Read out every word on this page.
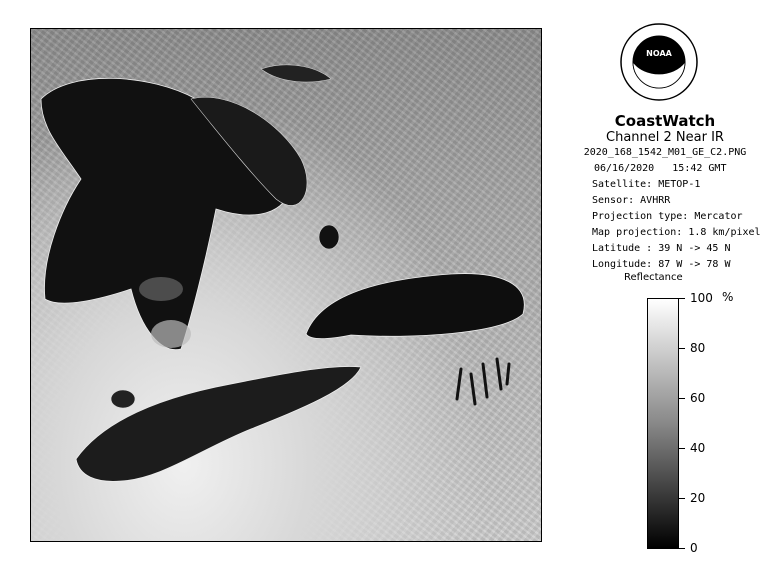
NOAA
CoastWatch
Channel 2 Near IR
2020_168_1542_M01_GE_C2.PNG
06/16/2020 15:42 GMT
Satellite: METOP-1
Sensor: AVHRR
Projection type: Mercator
Map projection: 1.8 km/pixel
Latitude : 39 N -> 45 N
Longitude: 87 W -> 78 W
Reflectance
%
100
80
60
40
20
0
